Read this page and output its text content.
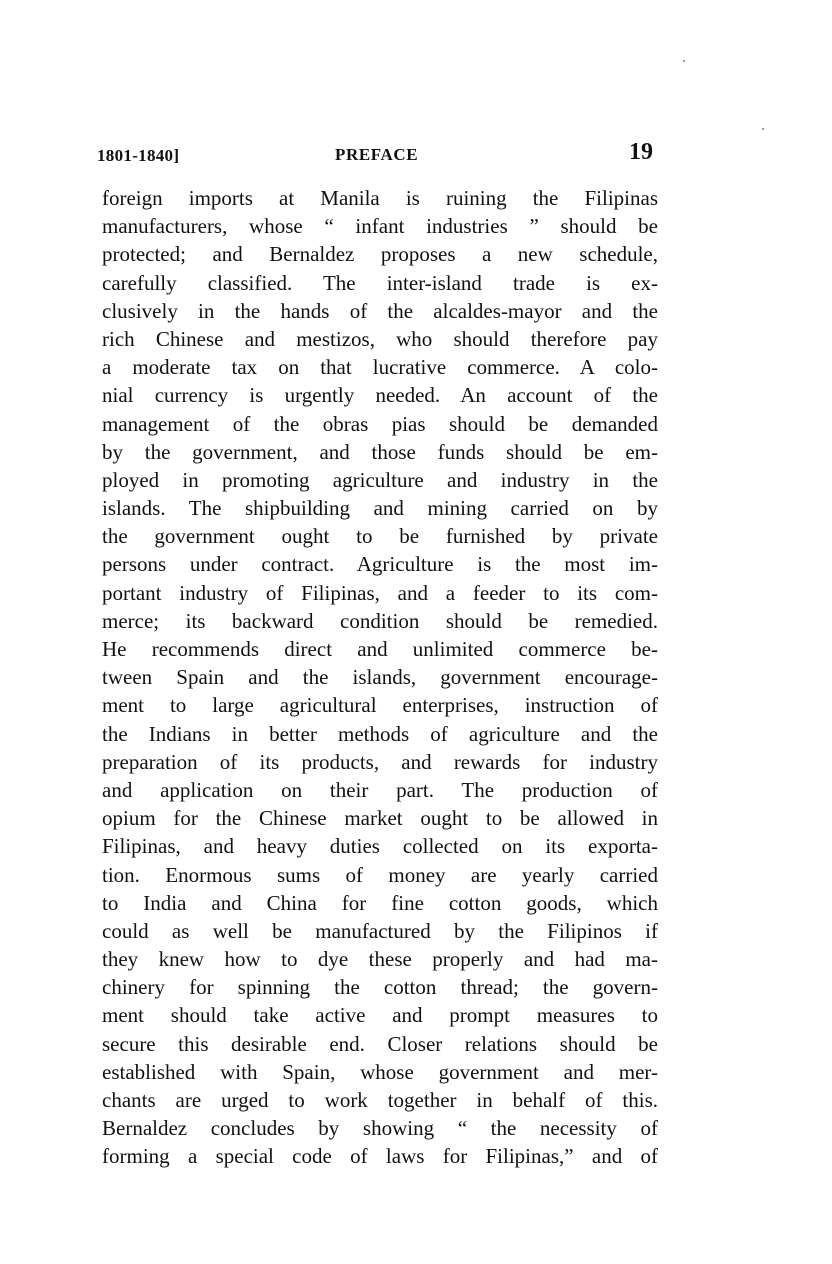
1801-1840]	PREFACE	19
foreign imports at Manila is ruining the Filipinas
manufacturers, whose “ infant industries ” should be
protected; and Bernaldez proposes a new schedule,
carefully classified. The inter-island trade is ex-
clusively in the hands of the alcaldes-mayor and the
rich Chinese and mestizos, who should therefore pay
a moderate tax on that lucrative commerce. A colo-
nial currency is urgently needed. An account of the
management of the obras pias should be demanded
by the government, and those funds should be em-
ployed in promoting agriculture and industry in the
islands. The shipbuilding and mining carried on by
the government ought to be furnished by private
persons under contract. Agriculture is the most im-
portant industry of Filipinas, and a feeder to its com-
merce; its backward condition should be remedied.
He recommends direct and unlimited commerce be-
tween Spain and the islands, government encourage-
ment to large agricultural enterprises, instruction of
the Indians in better methods of agriculture and the
preparation of its products, and rewards for industry
and application on their part. The production of
opium for the Chinese market ought to be allowed in
Filipinas, and heavy duties collected on its exporta-
tion. Enormous sums of money are yearly carried
to India and China for fine cotton goods, which
could as well be manufactured by the Filipinos if
they knew how to dye these properly and had ma-
chinery for spinning the cotton thread; the govern-
ment should take active and prompt measures to
secure this desirable end. Closer relations should be
established with Spain, whose government and mer-
chants are urged to work together in behalf of this.
Bernaldez concludes by showing “ the necessity of
forming a special code of laws for Filipinas,” and of
